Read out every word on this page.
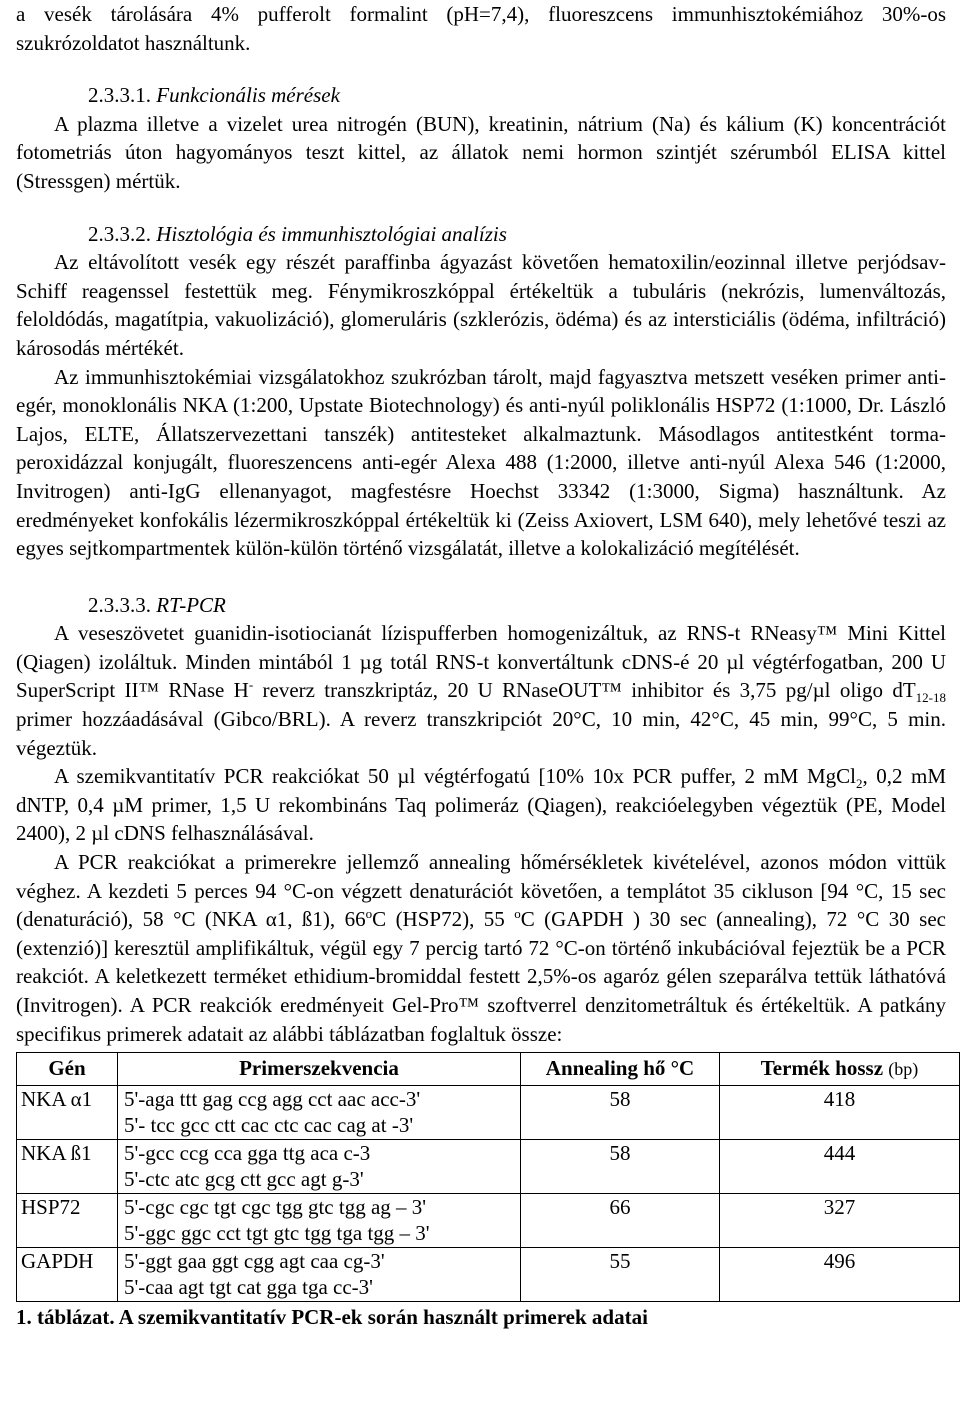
a vesék tárolására 4% pufferolt formalint (pH=7,4), fluoreszcens immunhisztokémiához 30%-os szukrózoldatot használtunk.

2.3.3.1. Funkcionális mérések

A plazma illetve a vizelet urea nitrogén (BUN), kreatinin, nátrium (Na) és kálium (K) koncentrációt fotometriás úton hagyományos teszt kittel, az állatok nemi hormon szintjét szérumból ELISA kittel (Stressgen) mértük.

2.3.3.2. Hisztológia és immunhisztológiai analízis

Az eltávolított vesék egy részét paraffinba ágyazást követően hematoxilin/eozinnal illetve perjódsav-Schiff reagenssel festettük meg. Fénymikroszkóppal értékeltük a tubuláris (nekrózis, lumenváltozás, feloldódás, magatítpia, vakuolizáció), glomeruláris (szklerózis, ödéma) és az intersticiális (ödéma, infiltráció) károsodás mértékét.

Az immunhisztokémiai vizsgálatokhoz szukrózban tárolt, majd fagyasztva metszett veséken primer anti-egér, monoklonális NKA (1:200, Upstate Biotechnology) és anti-nyúl poliklonális HSP72 (1:1000, Dr. László Lajos, ELTE, Állatszervezettani tanszék) antitesteket alkalmaztunk. Másodlagos antitestként torma-peroxidázzal konjugált, fluoreszencens anti-egér Alexa 488 (1:2000, illetve anti-nyúl Alexa 546 (1:2000, Invitrogen) anti-IgG ellenanyagot, magfestésre Hoechst 33342 (1:3000, Sigma) használtunk. Az eredményeket konfokális lézermikroszkóppal értékeltük ki (Zeiss Axiovert, LSM 640), mely lehetővé teszi az egyes sejtkompartmentek külön-külön történő vizsgálatát, illetve a kolokalizáció megítélését.

2.3.3.3. RT-PCR

A veseszövetet guanidin-isotiocianát lízispufferben homogenizáltuk, az RNS-t RNeasy™ Mini Kittel (Qiagen) izoláltuk. Minden mintából 1 µg totál RNS-t konvertáltunk cDNS-é 20 µl végtérfogatban, 200 U SuperScript II™ RNase H- reverz transzkriptáz, 20 U RNaseOUT™ inhibitor és 3,75 pg/µl oligo $dT_{12-18}$ primer hozzáadásával (Gibco/BRL). A reverz transzkripciót 20°C, 10 min, 42°C, 45 min, 99°C, 5 min. végeztük.

A szemikvantitatív PCR reakciókat 50 µl végtérfogatú [10% 10x PCR puffer, 2 mM MgCl$_2$, 0,2 mM dNTP, 0,4 µM primer, 1,5 U rekombináns Taq polimeráz (Qiagen), reakcióelegyben végeztük (PE, Model 2400), 2 µl cDNS felhasználásával.

A PCR reakciókat a primerekre jellemző annealing hőmérsékletek kivételével, azonos módon vittük véghez. A kezdeti 5 perces 94 °C-on végzett denaturációt követően, a templátot 35 cikluson [94 °C, 15 sec (denaturáció), 58 °C (NKA α1, ß1), 66$^o$C (HSP72), 55 $^o$C (GAPDH ) 30 sec (annealing), 72 °C 30 sec (extenzió)] keresztül amplifikáltuk, végül egy 7 percig tartó 72 °C-on történő inkubációval fejeztük be a PCR reakciót. A keletkezett terméket ethidium-bromiddal festett 2,5%-os agaróz gélen szeparálva tettük láthatóvá (Invitrogen). A PCR reakciók eredményeit Gel-Pro™ szoftverrel denzitometráltuk és értékeltük. A patkány specifikus primerek adatait az alábbi táblázatban foglaltuk össze:

Gén	Primerszekvencia	Annealing hő °C	Termék hossz (bp)
NKA α1	5'-aga ttt gag ccg agg cct aac acc-3'
5'- tcc gcc ctt cac ctc cac cag at -3'	58	418
NKA ß1	5'-gcc ccg cca gga ttg aca c-3
5'-ctc atc gcg ctt gcc agt g-3'	58	444
HSP72	5'-cgc cgc tgt cgc tgg gtc tgg ag – 3'
5'-ggc ggc cct tgt gtc tgg tga tgg – 3'	66	327
GAPDH	5'-ggt gaa ggt cgg agt caa cg-3'
5'-caa agt tgt cat gga tga cc-3'	55	496

1. táblázat. A szemikvantitatív PCR-ek során használt primerek adatai
